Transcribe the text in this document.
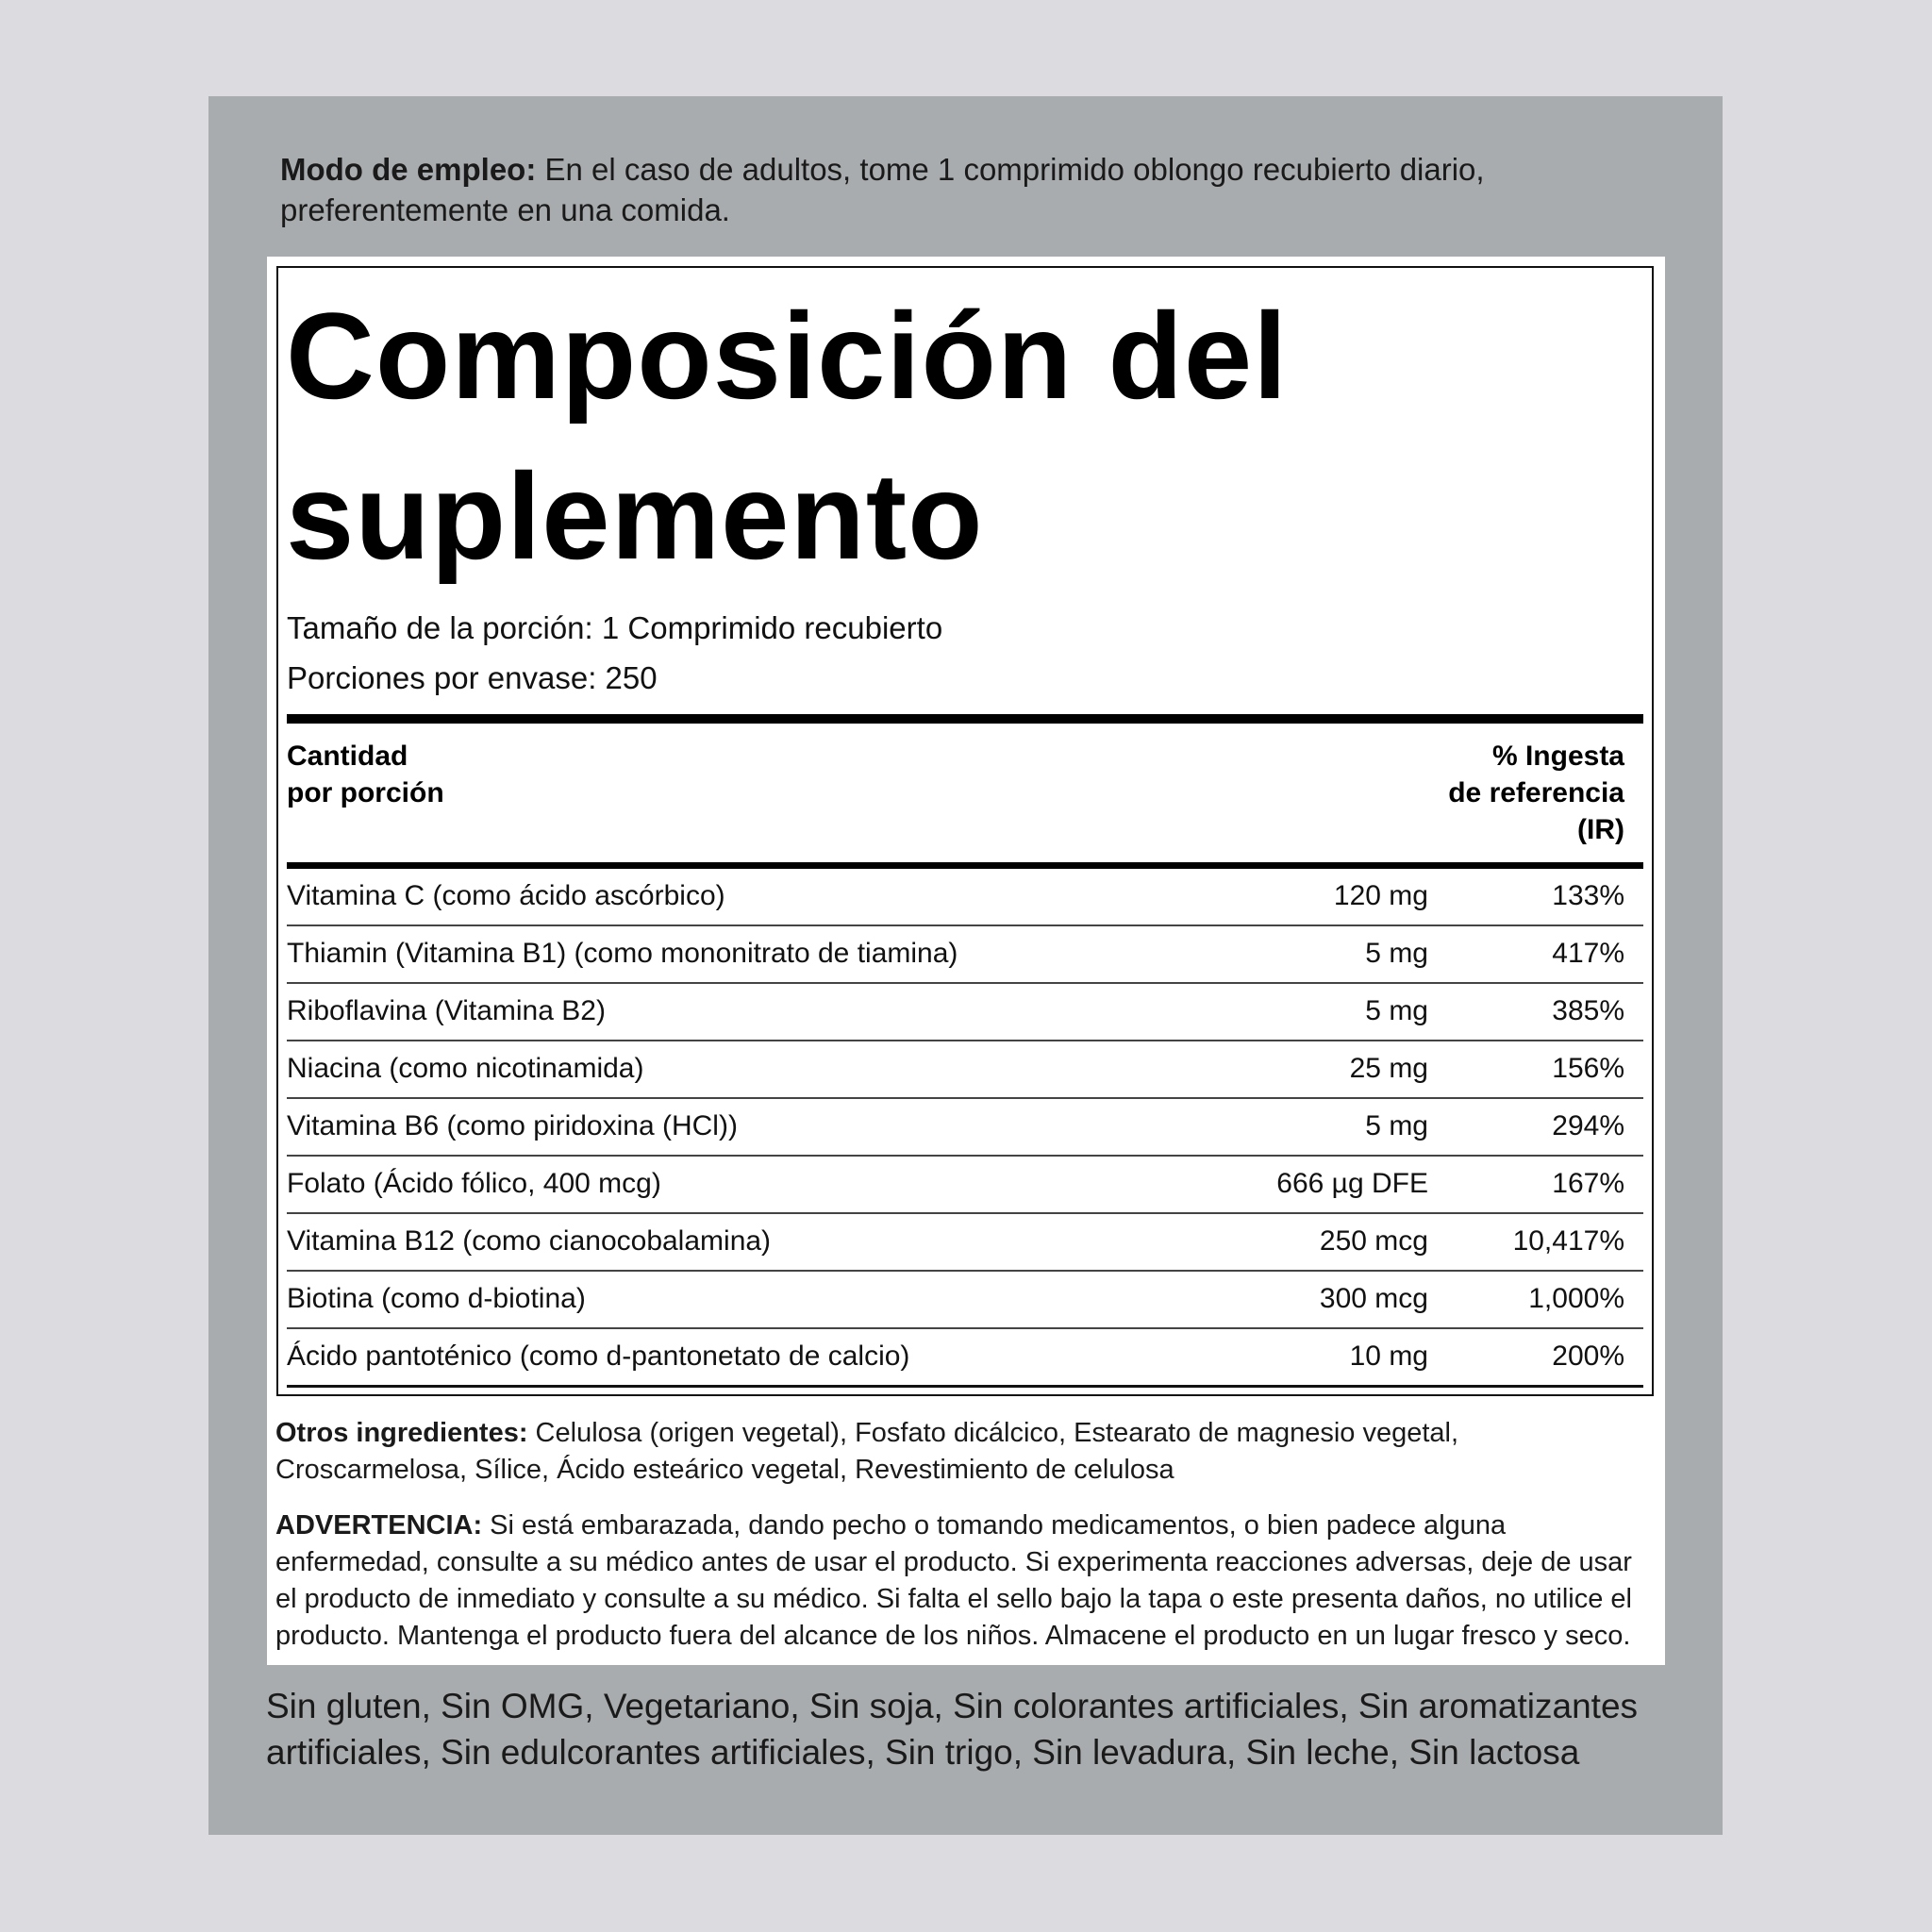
Modo de empleo: En el caso de adultos, tome 1 comprimido oblongo recubierto diario, preferentemente en una comida.
Composición del suplemento
Tamaño de la porción: 1 Comprimido recubierto
Porciones por envase: 250
Cantidad
por porción
% Ingesta
de referencia
(IR)
Vitamina C (como ácido ascórbico)	120 mg	133%
Thiamin (Vitamina B1) (como mononitrato de tiamina)	5 mg	417%
Riboflavina (Vitamina B2)	5 mg	385%
Niacina (como nicotinamida)	25 mg	156%
Vitamina B6 (como piridoxina (HCl))	5 mg	294%
Folato (Ácido fólico, 400 mcg)	666 µg DFE	167%
Vitamina B12 (como cianocobalamina)	250 mcg	10,417%
Biotina (como d-biotina)	300 mcg	1,000%
Ácido pantoténico (como d-pantonetato de calcio)	10 mg	200%
Otros ingredientes: Celulosa (origen vegetal), Fosfato dicálcico, Estearato de magnesio vegetal, Croscarmelosa, Sílice, Ácido esteárico vegetal, Revestimiento de celulosa
ADVERTENCIA: Si está embarazada, dando pecho o tomando medicamentos, o bien padece alguna enfermedad, consulte a su médico antes de usar el producto. Si experimenta reacciones adversas, deje de usar el producto de inmediato y consulte a su médico. Si falta el sello bajo la tapa o este presenta daños, no utilice el producto. Mantenga el producto fuera del alcance de los niños. Almacene el producto en un lugar fresco y seco.
Sin gluten, Sin OMG, Vegetariano, Sin soja, Sin colorantes artificiales, Sin aromatizantes artificiales, Sin edulcorantes artificiales, Sin trigo, Sin levadura, Sin leche, Sin lactosa
